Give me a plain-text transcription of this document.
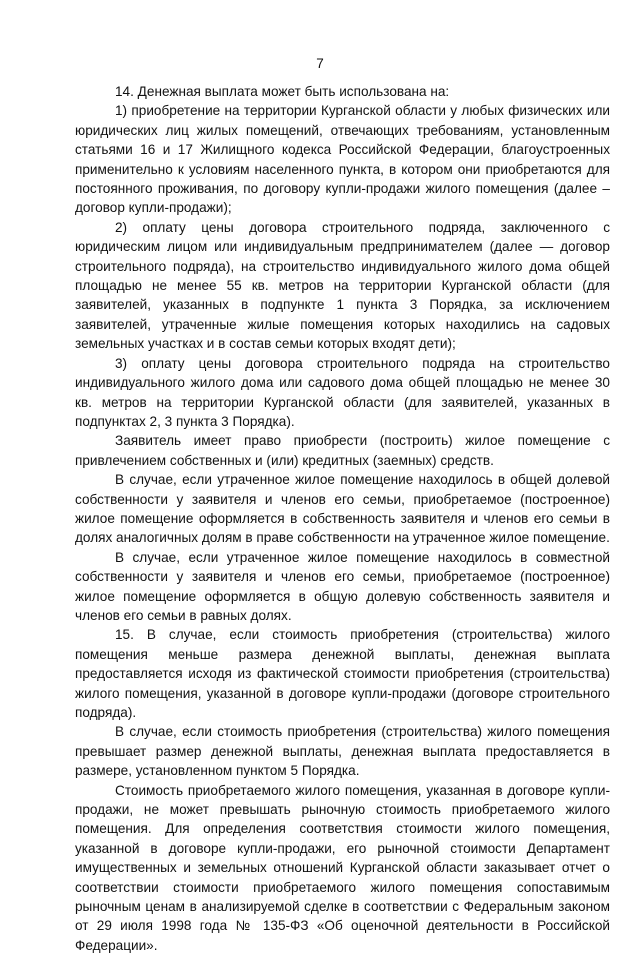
7

14. Денежная выплата может быть использована на:

1) приобретение на территории Курганской области у любых физических или юридических лиц жилых помещений, отвечающих требованиям, установленным статьями 16 и 17 Жилищного кодекса Российской Федерации, благоустроенных применительно к условиям населенного пункта, в котором они приобретаются для постоянного проживания, по договору купли-продажи жилого помещения (далее – договор купли-продажи);

2) оплату цены договора строительного подряда, заключенного с юридическим лицом или индивидуальным предпринимателем (далее — договор строительного подряда), на строительство индивидуального жилого дома общей площадью не менее 55 кв. метров на территории Курганской области (для заявителей, указанных в подпункте 1 пункта 3 Порядка, за исключением заявителей, утраченные жилые помещения которых находились на садовых земельных участках и в состав семьи которых входят дети);

3) оплату цены договора строительного подряда на строительство индивидуального жилого дома или садового дома общей площадью не менее 30 кв. метров на территории Курганской области (для заявителей, указанных в подпунктах 2, 3 пункта 3 Порядка).

Заявитель имеет право приобрести (построить) жилое помещение с привлечением собственных и (или) кредитных (заемных) средств.

В случае, если утраченное жилое помещение находилось в общей долевой собственности у заявителя и членов его семьи, приобретаемое (построенное) жилое помещение оформляется в собственность заявителя и членов его семьи в долях аналогичных долям в праве собственности на утраченное жилое помещение.

В случае, если утраченное жилое помещение находилось в совместной собственности у заявителя и членов его семьи, приобретаемое (построенное) жилое помещение оформляется в общую долевую собственность заявителя и членов его семьи в равных долях.

15. В случае, если стоимость приобретения (строительства) жилого помещения меньше размера денежной выплаты, денежная выплата предоставляется исходя из фактической стоимости приобретения (строительства) жилого помещения, указанной в договоре купли-продажи (договоре строительного подряда).

В случае, если стоимость приобретения (строительства) жилого помещения превышает размер денежной выплаты, денежная выплата предоставляется в размере, установленном пунктом 5 Порядка.

Стоимость приобретаемого жилого помещения, указанная в договоре купли-продажи, не может превышать рыночную стоимость приобретаемого жилого помещения. Для определения соответствия стоимости жилого помещения, указанной в договоре купли-продажи, его рыночной стоимости Департамент имущественных и земельных отношений Курганской области заказывает отчет о соответствии стоимости приобретаемого жилого помещения сопоставимым рыночным ценам в анализируемой сделке в соответствии с Федеральным законом от 29 июля 1998 года № 135-ФЗ «Об оценочной деятельности в Российской Федерации».
